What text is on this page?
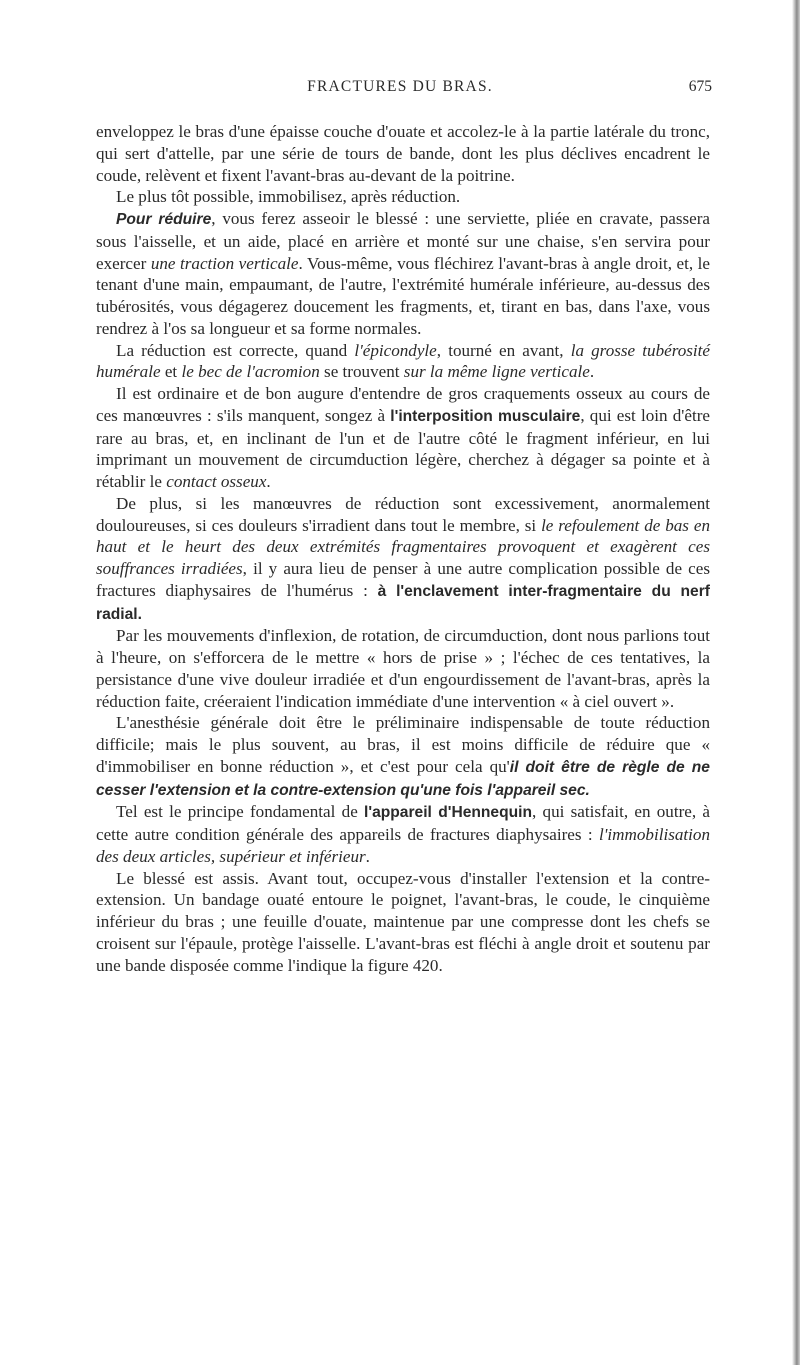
FRACTURES DU BRAS.	675

enveloppez le bras d'une épaisse couche d'ouate et accolez-le à la partie latérale du tronc, qui sert d'attelle, par une série de tours de bande, dont les plus déclives encadrent le coude, relèvent et fixent l'avant-bras au-devant de la poitrine.

Le plus tôt possible, immobilisez, après réduction.

Pour réduire, vous ferez asseoir le blessé : une serviette, pliée en cravate, passera sous l'aisselle, et un aide, placé en arrière et monté sur une chaise, s'en servira pour exercer une traction verticale. Vous-même, vous fléchirez l'avant-bras à angle droit, et, le tenant d'une main, empaumant, de l'autre, l'extrémité humérale inférieure, au-dessus des tubérosités, vous dégagerez doucement les fragments, et, tirant en bas, dans l'axe, vous rendrez à l'os sa longueur et sa forme normales.

La réduction est correcte, quand l'épicondyle, tourné en avant, la grosse tubérosité humérale et le bec de l'acromion se trouvent sur la même ligne verticale.

Il est ordinaire et de bon augure d'entendre de gros craquements osseux au cours de ces manœuvres : s'ils manquent, songez à l'interposition musculaire, qui est loin d'être rare au bras, et, en inclinant de l'un et de l'autre côté le fragment inférieur, en lui imprimant un mouvement de circumduction légère, cherchez à dégager sa pointe et à rétablir le contact osseux.

De plus, si les manœuvres de réduction sont excessivement, anormalement douloureuses, si ces douleurs s'irradient dans tout le membre, si le refoulement de bas en haut et le heurt des deux extrémités fragmentaires provoquent et exagèrent ces souffrances irradiées, il y aura lieu de penser à une autre complication possible de ces fractures diaphysaires de l'humérus : à l'enclavement inter-fragmentaire du nerf radial.

Par les mouvements d'inflexion, de rotation, de circumduction, dont nous parlions tout à l'heure, on s'efforcera de le mettre « hors de prise » ; l'échec de ces tentatives, la persistance d'une vive douleur irradiée et d'un engourdissement de l'avant-bras, après la réduction faite, créeraient l'indication immédiate d'une intervention « à ciel ouvert ».

L'anesthésie générale doit être le préliminaire indispensable de toute réduction difficile; mais le plus souvent, au bras, il est moins difficile de réduire que « d'immobiliser en bonne réduction », et c'est pour cela qu'il doit être de règle de ne cesser l'extension et la contre-extension qu'une fois l'appareil sec.

Tel est le principe fondamental de l'appareil d'Hennequin, qui satisfait, en outre, à cette autre condition générale des appareils de fractures diaphysaires : l'immobilisation des deux articles, supérieur et inférieur.

Le blessé est assis. Avant tout, occupez-vous d'installer l'extension et la contre-extension. Un bandage ouaté entoure le poignet, l'avant-bras, le coude, le cinquième inférieur du bras ; une feuille d'ouate, maintenue par une compresse dont les chefs se croisent sur l'épaule, protège l'aisselle. L'avant-bras est fléchi à angle droit et soutenu par une bande disposée comme l'indique la figure 420.
